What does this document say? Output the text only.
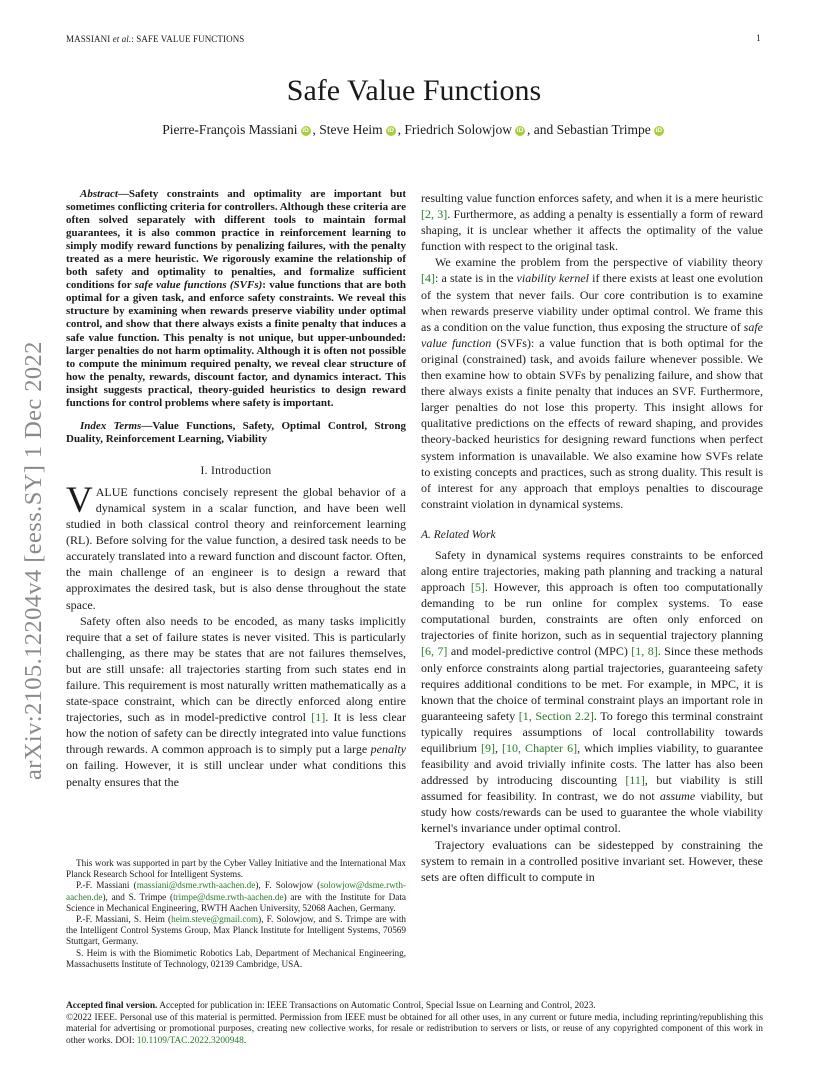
MASSIANI et al.: SAFE VALUE FUNCTIONS	1
Safe Value Functions
Pierre-François Massiani iD , Steve Heim iD , Friedrich Solowjow iD , and Sebastian Trimpe iD
arXiv:2105.12204v4 [eess.SY] 1 Dec 2022

Abstract—Safety constraints and optimality are important but sometimes conflicting criteria for controllers. Although these criteria are often solved separately with different tools to maintain formal guarantees, it is also common practice in reinforcement learning to simply modify reward functions by penalizing failures, with the penalty treated as a mere heuristic. We rigorously examine the relationship of both safety and optimality to penalties, and formalize sufficient conditions for safe value functions (SVFs): value functions that are both optimal for a given task, and enforce safety constraints. We reveal this structure by examining when rewards preserve viability under optimal control, and show that there always exists a finite penalty that induces a safe value function. This penalty is not unique, but upper-unbounded: larger penalties do not harm optimality. Although it is often not possible to compute the minimum required penalty, we reveal clear structure of how the penalty, rewards, discount factor, and dynamics interact. This insight suggests practical, theory-guided heuristics to design reward functions for control problems where safety is important.

Index Terms—Value Functions, Safety, Optimal Control, Strong Duality, Reinforcement Learning, Viability

I. Introduction

VALUE functions concisely represent the global behavior of a dynamical system in a scalar function, and have been well studied in both classical control theory and reinforcement learning (RL). Before solving for the value function, a desired task needs to be accurately translated into a reward function and discount factor. Often, the main challenge of an engineer is to design a reward that approximates the desired task, but is also dense throughout the state space.

Safety often also needs to be encoded, as many tasks implicitly require that a set of failure states is never visited. This is particularly challenging, as there may be states that are not failures themselves, but are still unsafe: all trajectories starting from such states end in failure. This requirement is most naturally written mathematically as a state-space constraint, which can be directly enforced along entire trajectories, such as in model-predictive control [1]. It is less clear how the notion of safety can be directly integrated into value functions through rewards. A common approach is to simply put a large penalty on failing. However, it is still unclear under what conditions this penalty ensures that the

This work was supported in part by the Cyber Valley Initiative and the International Max Planck Research School for Intelligent Systems.

P.-F. Massiani (massiani@dsme.rwth-aachen.de), F. Solowjow (solowjow@dsme.rwth-aachen.de), and S. Trimpe (trimpe@dsme.rwth-aachen.de) are with the Institute for Data Science in Mechanical Engineering, RWTH Aachen University, 52068 Aachen, Germany.

P.-F. Massiani, S. Heim (heim.steve@gmail.com), F. Solowjow, and S. Trimpe are with the Intelligent Control Systems Group, Max Planck Institute for Intelligent Systems, 70569 Stuttgart, Germany.

S. Heim is with the Biomimetic Robotics Lab, Department of Mechanical Engineering, Massachusetts Institute of Technology, 02139 Cambridge, USA.

resulting value function enforces safety, and when it is a mere heuristic [2, 3]. Furthermore, as adding a penalty is essentially a form of reward shaping, it is unclear whether it affects the optimality of the value function with respect to the original task.

We examine the problem from the perspective of viability theory [4]: a state is in the viability kernel if there exists at least one evolution of the system that never fails. Our core contribution is to examine when rewards preserve viability under optimal control. We frame this as a condition on the value function, thus exposing the structure of safe value function (SVFs): a value function that is both optimal for the original (constrained) task, and avoids failure whenever possible. We then examine how to obtain SVFs by penalizing failure, and show that there always exists a finite penalty that induces an SVF. Furthermore, larger penalties do not lose this property. This insight allows for qualitative predictions on the effects of reward shaping, and provides theory-backed heuristics for designing reward functions when perfect system information is unavailable. We also examine how SVFs relate to existing concepts and practices, such as strong duality. This result is of interest for any approach that employs penalties to discourage constraint violation in dynamical systems.

A. Related Work

Safety in dynamical systems requires constraints to be enforced along entire trajectories, making path planning and tracking a natural approach [5]. However, this approach is often too computationally demanding to be run online for complex systems. To ease computational burden, constraints are often only enforced on trajectories of finite horizon, such as in sequential trajectory planning [6, 7] and model-predictive control (MPC) [1, 8]. Since these methods only enforce constraints along partial trajectories, guaranteeing safety requires additional conditions to be met. For example, in MPC, it is known that the choice of terminal constraint plays an important role in guaranteeing safety [1, Section 2.2]. To forego this terminal constraint typically requires assumptions of local controllability towards equilibrium [9], [10, Chapter 6], which implies viability, to guarantee feasibility and avoid trivially infinite costs. The latter has also been addressed by introducing discounting [11], but viability is still assumed for feasibility. In contrast, we do not assume viability, but study how costs/rewards can be used to guarantee the whole viability kernel's invariance under optimal control.

Trajectory evaluations can be sidestepped by constraining the system to remain in a controlled positive invariant set. However, these sets are often difficult to compute in

Accepted final version. Accepted for publication in: IEEE Transactions on Automatic Control, Special Issue on Learning and Control, 2023.

©2022 IEEE. Personal use of this material is permitted. Permission from IEEE must be obtained for all other uses, in any current or future media, including reprinting/republishing this material for advertising or promotional purposes, creating new collective works, for resale or redistribution to servers or lists, or reuse of any copyrighted component of this work in other works. DOI: 10.1109/TAC.2022.3200948.
